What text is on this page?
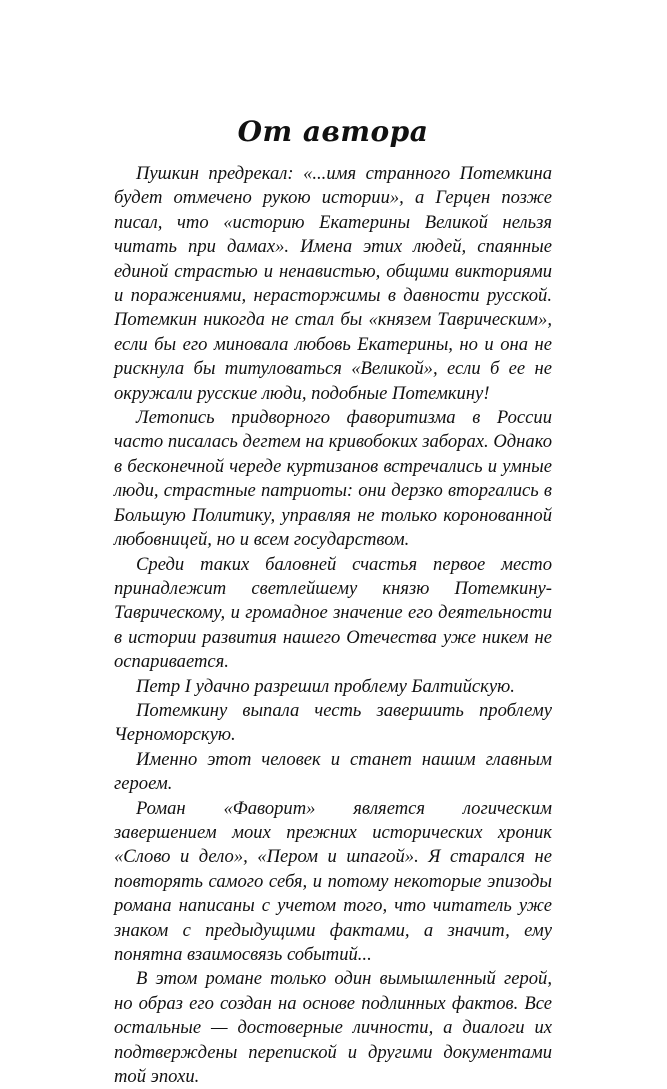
От автора

Пушкин предрекал: «...имя странного Потемкина будет отмечено рукою истории», а Герцен позже писал, что «историю Екатерины Великой нельзя читать при дамах». Имена этих людей, спаянные единой страстью и ненавистью, общими викториями и поражениями, нерасторжимы в давности русской. Потемкин никогда не стал бы «князем Таврическим», если бы его миновала любовь Екатерины, но и она не рискнула бы титуловаться «Великой», если б ее не окружали русские люди, подобные Потемкину!

Летопись придворного фаворитизма в России часто писалась дегтем на кривобоких заборах. Однако в бесконечной череде куртизанов встречались и умные люди, страстные патриоты: они дерзко вторгались в Большую Политику, управляя не только коронованной любовницей, но и всем государством.

Среди таких баловней счастья первое место принадлежит светлейшему князю Потемкину-Таврическому, и громадное значение его деятельности в истории развития нашего Отечества уже никем не оспаривается.

Петр I удачно разрешил проблему Балтийскую.

Потемкину выпала честь завершить проблему Черноморскую.

Именно этот человек и станет нашим главным героем.

Роман «Фаворит» является логическим завершением моих прежних исторических хроник «Слово и дело», «Пером и шпагой». Я старался не повторять самого себя, и потому некоторые эпизоды романа написаны с учетом того, что читатель уже знаком с предыдущими фактами, а значит, ему понятна взаимосвязь событий...

В этом романе только один вымышленный герой, но образ его создан на основе подлинных фактов. Все остальные — достоверные личности, а диалоги их подтверждены перепиской и другими документами той эпохи.
